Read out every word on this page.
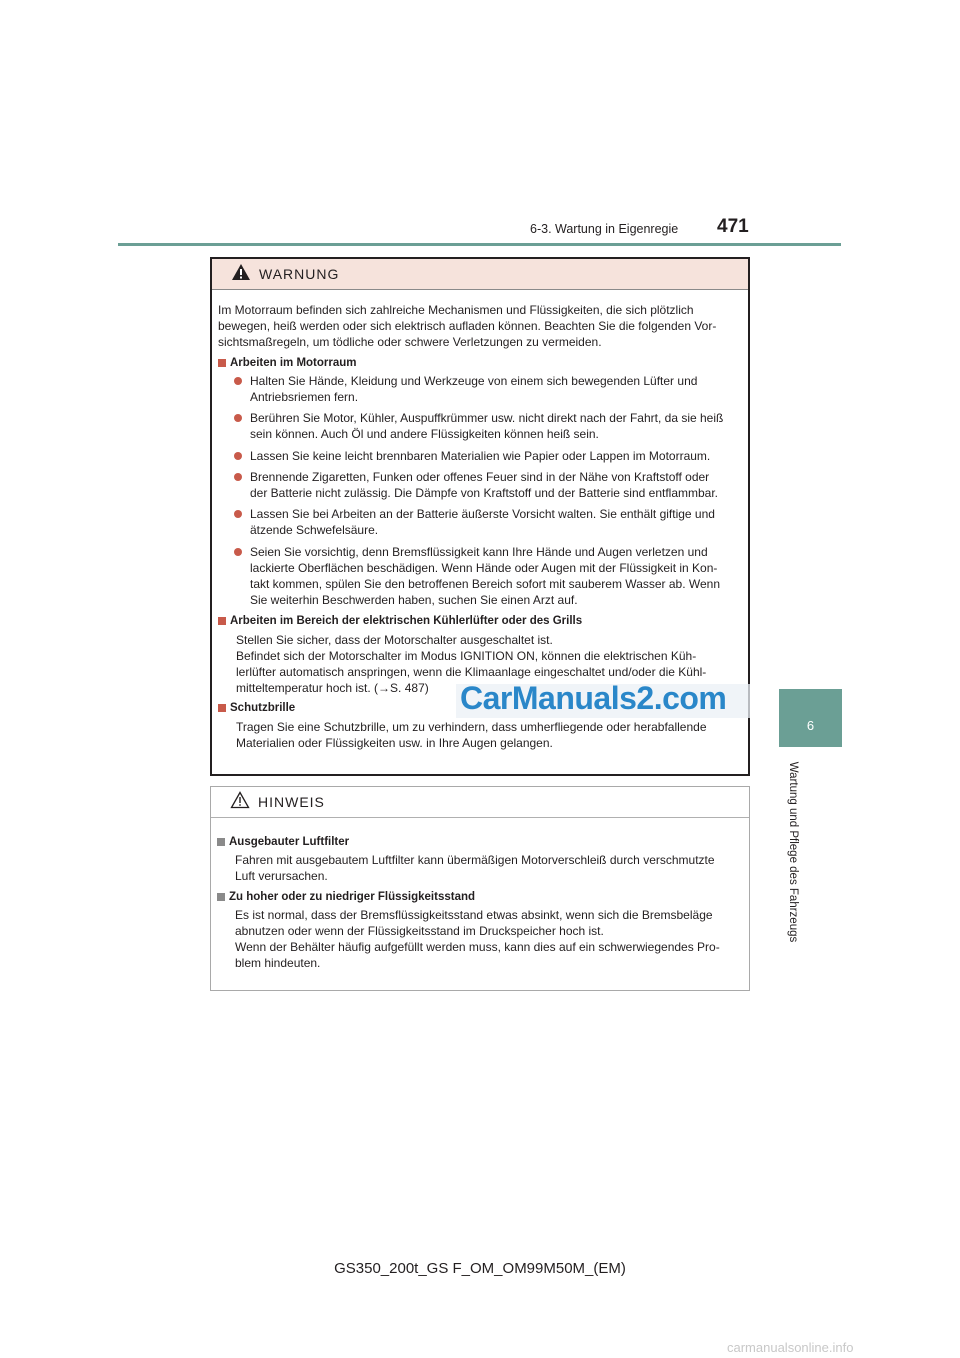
6-3. Wartung in Eigenregie 471
6
Wartung und Pflege des Fahrzeugs
WARNUNG

Im Motorraum befinden sich zahlreiche Mechanismen und Flüssigkeiten, die sich plötzlich
bewegen, heiß werden oder sich elektrisch aufladen können. Beachten Sie die folgenden Vor-
sichtsmaßregeln, um tödliche oder schwere Verletzungen zu vermeiden.

Arbeiten im Motorraum
Halten Sie Hände, Kleidung und Werkzeuge von einem sich bewegenden Lüfter und
Antriebsriemen fern.
Berühren Sie Motor, Kühler, Auspuffkrümmer usw. nicht direkt nach der Fahrt, da sie heiß
sein können. Auch Öl und andere Flüssigkeiten können heiß sein.
Lassen Sie keine leicht brennbaren Materialien wie Papier oder Lappen im Motorraum.
Brennende Zigaretten, Funken oder offenes Feuer sind in der Nähe von Kraftstoff oder
der Batterie nicht zulässig. Die Dämpfe von Kraftstoff und der Batterie sind entflammbar.
Lassen Sie bei Arbeiten an der Batterie äußerste Vorsicht walten. Sie enthält giftige und
ätzende Schwefelsäure.
Seien Sie vorsichtig, denn Bremsflüssigkeit kann Ihre Hände und Augen verletzen und
lackierte Oberflächen beschädigen. Wenn Hände oder Augen mit der Flüssigkeit in Kon-
takt kommen, spülen Sie den betroffenen Bereich sofort mit sauberem Wasser ab. Wenn
Sie weiterhin Beschwerden haben, suchen Sie einen Arzt auf.
Arbeiten im Bereich der elektrischen Kühlerlüfter oder des Grills

Stellen Sie sicher, dass der Motorschalter ausgeschaltet ist.
Befindet sich der Motorschalter im Modus IGNITION ON, können die elektrischen Küh-
lerlüfter automatisch anspringen, wenn die Klimaanlage eingeschaltet und/oder die Kühl-
mitteltemperatur hoch ist. (→S. 487)

Schutzbrille

Tragen Sie eine Schutzbrille, um zu verhindern, dass umherfliegende oder herabfallende
Materialien oder Flüssigkeiten usw. in Ihre Augen gelangen.

CarManuals2.com
HINWEIS
Ausgebauter Luftfilter

Fahren mit ausgebautem Luftfilter kann übermäßigen Motorverschleiß durch verschmutzte
Luft verursachen.

Zu hoher oder zu niedriger Flüssigkeitsstand

Es ist normal, dass der Bremsflüssigkeitsstand etwas absinkt, wenn sich die Bremsbeläge
abnutzen oder wenn der Flüssigkeitsstand im Druckspeicher hoch ist.
Wenn der Behälter häufig aufgefüllt werden muss, kann dies auf ein schwerwiegendes Pro-
blem hindeuten.

GS350_200t_GS F_OM_OM99M50M_(EM)
carmanualsonline.info
